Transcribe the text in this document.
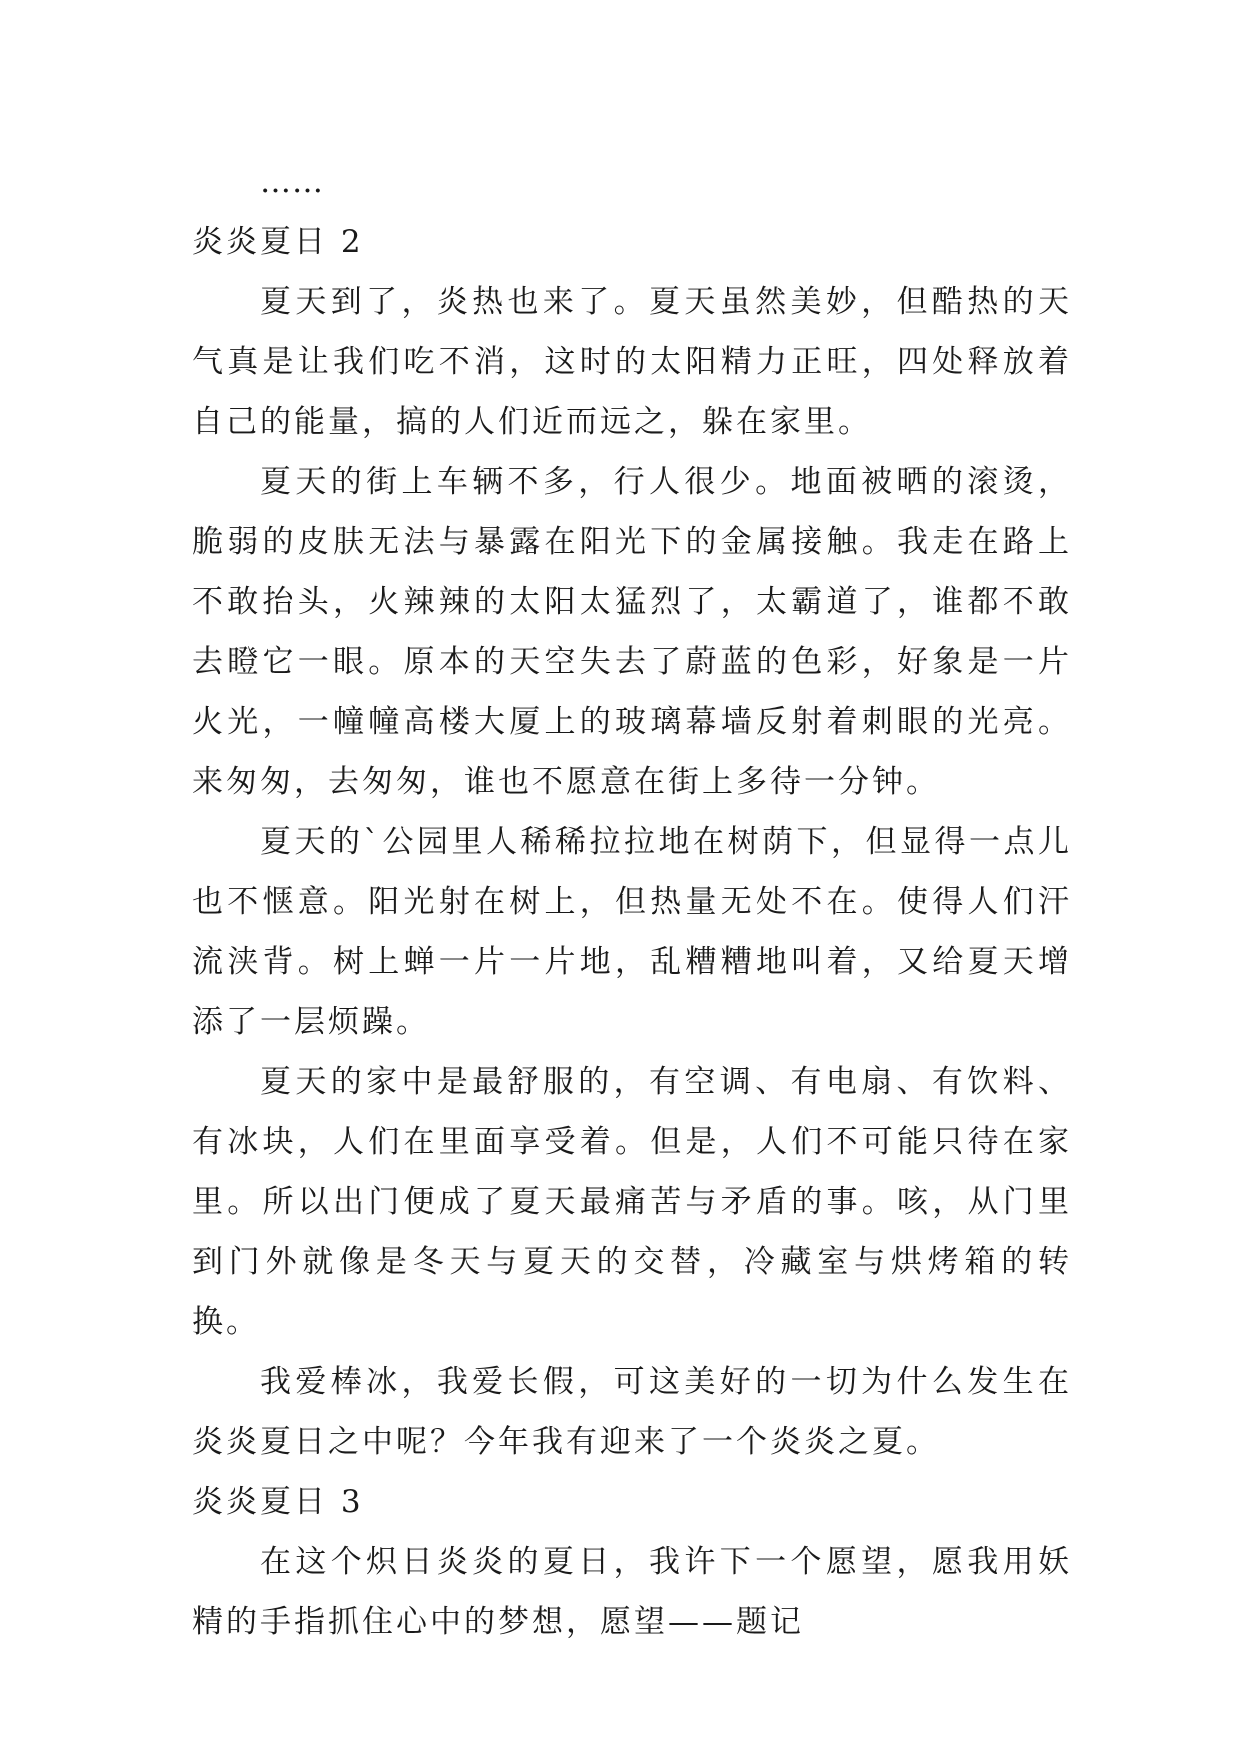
……
炎炎夏日 2

夏天到了，炎热也来了。夏天虽然美妙，但酷热的天气真是让我们吃不消，这时的太阳精力正旺，四处释放着自己的能量，搞的人们近而远之，躲在家里。

夏天的街上车辆不多，行人很少。地面被晒的滚烫，脆弱的皮肤无法与暴露在阳光下的金属接触。我走在路上不敢抬头，火辣辣的太阳太猛烈了，太霸道了，谁都不敢去瞪它一眼。原本的天空失去了蔚蓝的色彩，好象是一片火光，一幢幢高楼大厦上的玻璃幕墙反射着刺眼的光亮。来匆匆，去匆匆，谁也不愿意在街上多待一分钟。

夏天的`公园里人稀稀拉拉地在树荫下，但显得一点儿也不惬意。阳光射在树上，但热量无处不在。使得人们汗流浃背。树上蝉一片一片地，乱糟糟地叫着，又给夏天增添了一层烦躁。

夏天的家中是最舒服的，有空调、有电扇、有饮料、有冰块，人们在里面享受着。但是，人们不可能只待在家里。所以出门便成了夏天最痛苦与矛盾的事。咳，从门里到门外就像是冬天与夏天的交替，冷藏室与烘烤箱的转换。

我爱棒冰，我爱长假，可这美好的一切为什么发生在炎炎夏日之中呢？今年我有迎来了一个炎炎之夏。

炎炎夏日 3

在这个炽日炎炎的夏日，我许下一个愿望，愿我用妖精的手指抓住心中的梦想，愿望——题记
